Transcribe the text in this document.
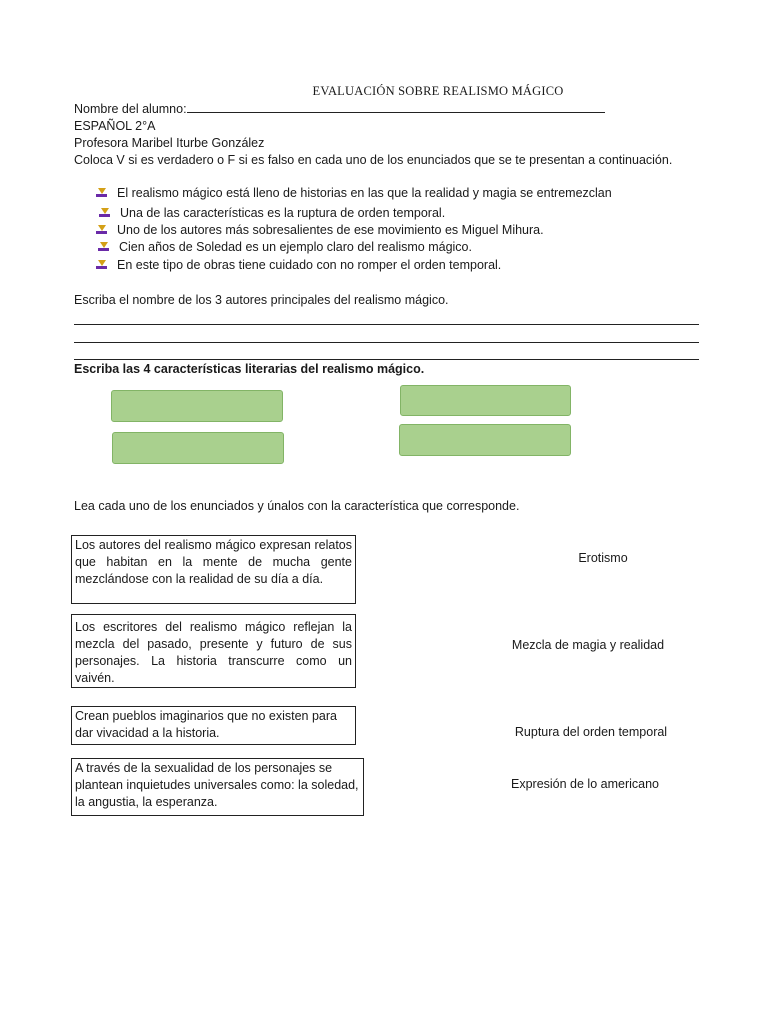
EVALUACIÓN SOBRE REALISMO MÁGICO
Nombre del alumno:
ESPAÑOL 2°A
Profesora Maribel Iturbe González
Coloca V si es verdadero o F si es falso en cada uno de los enunciados que se te presentan a continuación.
El realismo mágico está lleno de historias en las que la realidad y magia se entremezclan
Una de las características es la ruptura de orden temporal.
Uno de los autores más sobresalientes de ese movimiento es Miguel Mihura.
Cien años de Soledad es un ejemplo claro del realismo mágico.
En este tipo de obras tiene cuidado con no romper el orden temporal.
Escriba el nombre de los 3 autores principales del realismo mágico.
Escriba las 4 características literarias del realismo mágico.
Lea cada uno de los enunciados y únalos con la característica que corresponde.
Los autores del realismo mágico expresan relatos que habitan en la mente de mucha gente mezclándose con la realidad de su día a día.
Los escritores del realismo mágico reflejan la mezcla del pasado, presente y futuro de sus personajes. La historia transcurre como un vaivén.
Crean pueblos imaginarios que no existen para dar vivacidad a la historia.
A través de la sexualidad de los personajes se plantean inquietudes universales como: la soledad, la angustia, la esperanza.
Erotismo
Mezcla de magia y realidad
Ruptura del orden temporal
Expresión de lo americano
